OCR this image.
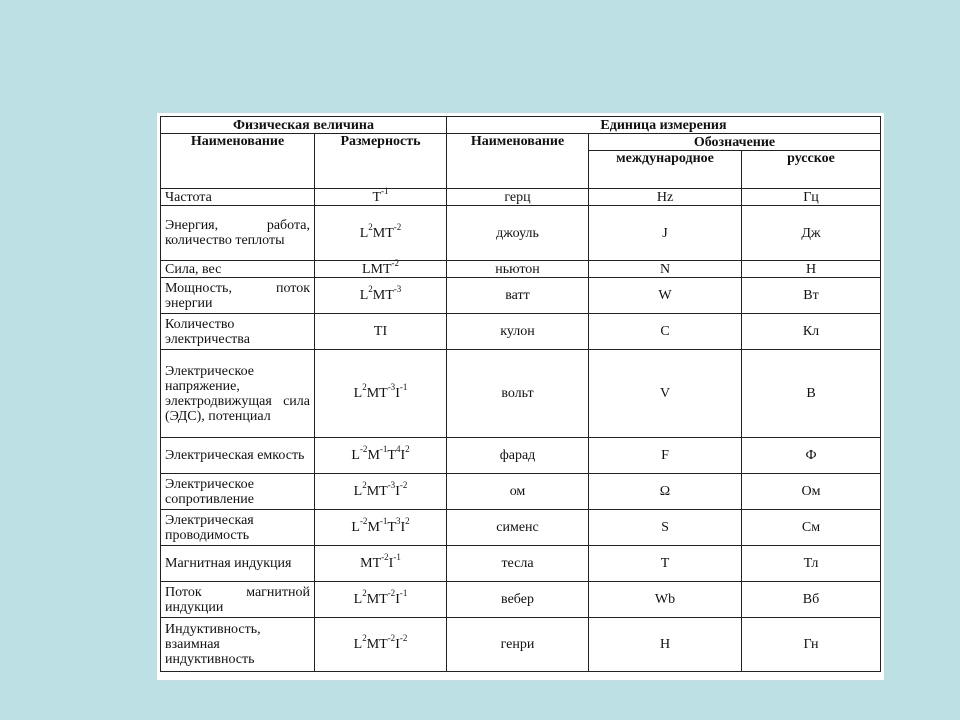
Физическая величина		Единица измерения		
Наименование	Размерность	Наименование	Обозначение	
			международное	русское
Частота	$T^{-1}$	герц	Hz	Гц
Энергия, работа, количество теплоты	$L^2MT^{-2}$	джоуль	J	Дж
Сила, вес	$LMT^{-2}$	ньютон	N	Н
Мощность, поток энергии	$L^2MT^{-3}$	ватт	W	Вт
Количество электричества	TI	кулон	C	Кл
Электрическое напряжение, электродвижущая сила (ЭДС), потенциал	$L^2MT^{-3}I^{-1}$	вольт	V	В
Электрическая емкость	$L^{-2}M^{-1}T^4I^2$	фарад	F	Ф
Электрическое сопротивление	$L^2MT^{-3}I^{-2}$	ом	Ω	Ом
Электрическая проводимость	$L^{-2}M^{-1}T^3I^2$	сименс	S	См
Магнитная индукция	$MT^{-2}I^{-1}$	тесла	T	Тл
Поток магнитной индукции	$L^2MT^{-2}I^{-1}$	вебер	Wb	Вб
Индуктивность, взаимная индуктивность	$L^2MT^{-2}I^{-2}$	генри	H	Гн
